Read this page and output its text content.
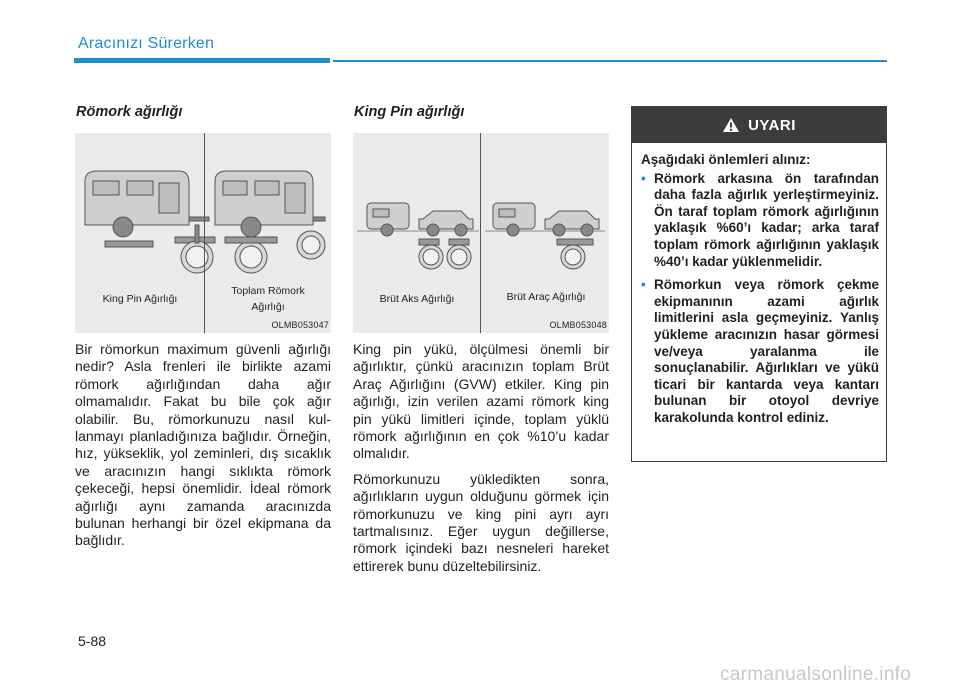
Aracınızı Sürerken
Römork ağırlığı
King Pin Ağırlığı
Toplam Römork
Ağırlığı
OLMB053047

Bir römorkun maximum güvenli ağırlığı nedir? Asla frenleri ile birlikte azami römork ağırlığından daha ağır olmamalıdır. Fakat bu bile çok ağır olabilir. Bu, römorkunuzu nasıl kullanmayı planladığınıza bağlıdır. Örneğin, hız, yükseklik, yol zeminleri, dış sıcaklık ve aracınızın hangi sıklıkta römork çekeceği, hepsi önemlidir. İdeal römork ağırlığı aynı zamanda aracınızda bulunan herhangi bir özel ekipmana da bağlıdır.

King Pin ağırlığı
Brüt Aks Ağırlığı	Brüt Araç Ağırlığı
OLMB053048

King pin yükü, ölçülmesi önemli bir ağırlıktır, çünkü aracınızın toplam Brüt Araç Ağırlığını (GVW) etkiler. King pin ağırlığı, izin verilen azami römork king pin yükü limitleri içinde, toplam yüklü römork ağırlığının en çok %10’u kadar olmalıdır.

Römorkunuzu yükledikten sonra, ağırlıkların uygun olduğunu görmek için römorkunuzu ve king pini ayrı ayrı tartmalısınız. Eğer uygun değillerse, römork içindeki bazı nesneleri hareket ettirerek bunu düzeltebilirsiniz.

UYARI
Aşağıdaki önlemleri alınız:
• Römork arkasına ön tarafından daha fazla ağırlık yerleştirmeyiniz. Ön taraf toplam römork ağırlığının yaklaşık %60’ı kadar; arka taraf toplam römork ağırlığının yaklaşık %40’ı kadar yüklenmelidir.
• Römorkun veya römork çekme ekipmanının azami ağırlık limitlerini asla geçmeyiniz. Yanlış yükleme aracınızın hasar görmesi ve/veya yaralanma ile sonuçlanabilir. Ağırlıkları ve yükü ticari bir kantarda veya kantarı bulunan bir otoyol devriye karakolunda kontrol ediniz.
5-88
carmanualsonline.info
